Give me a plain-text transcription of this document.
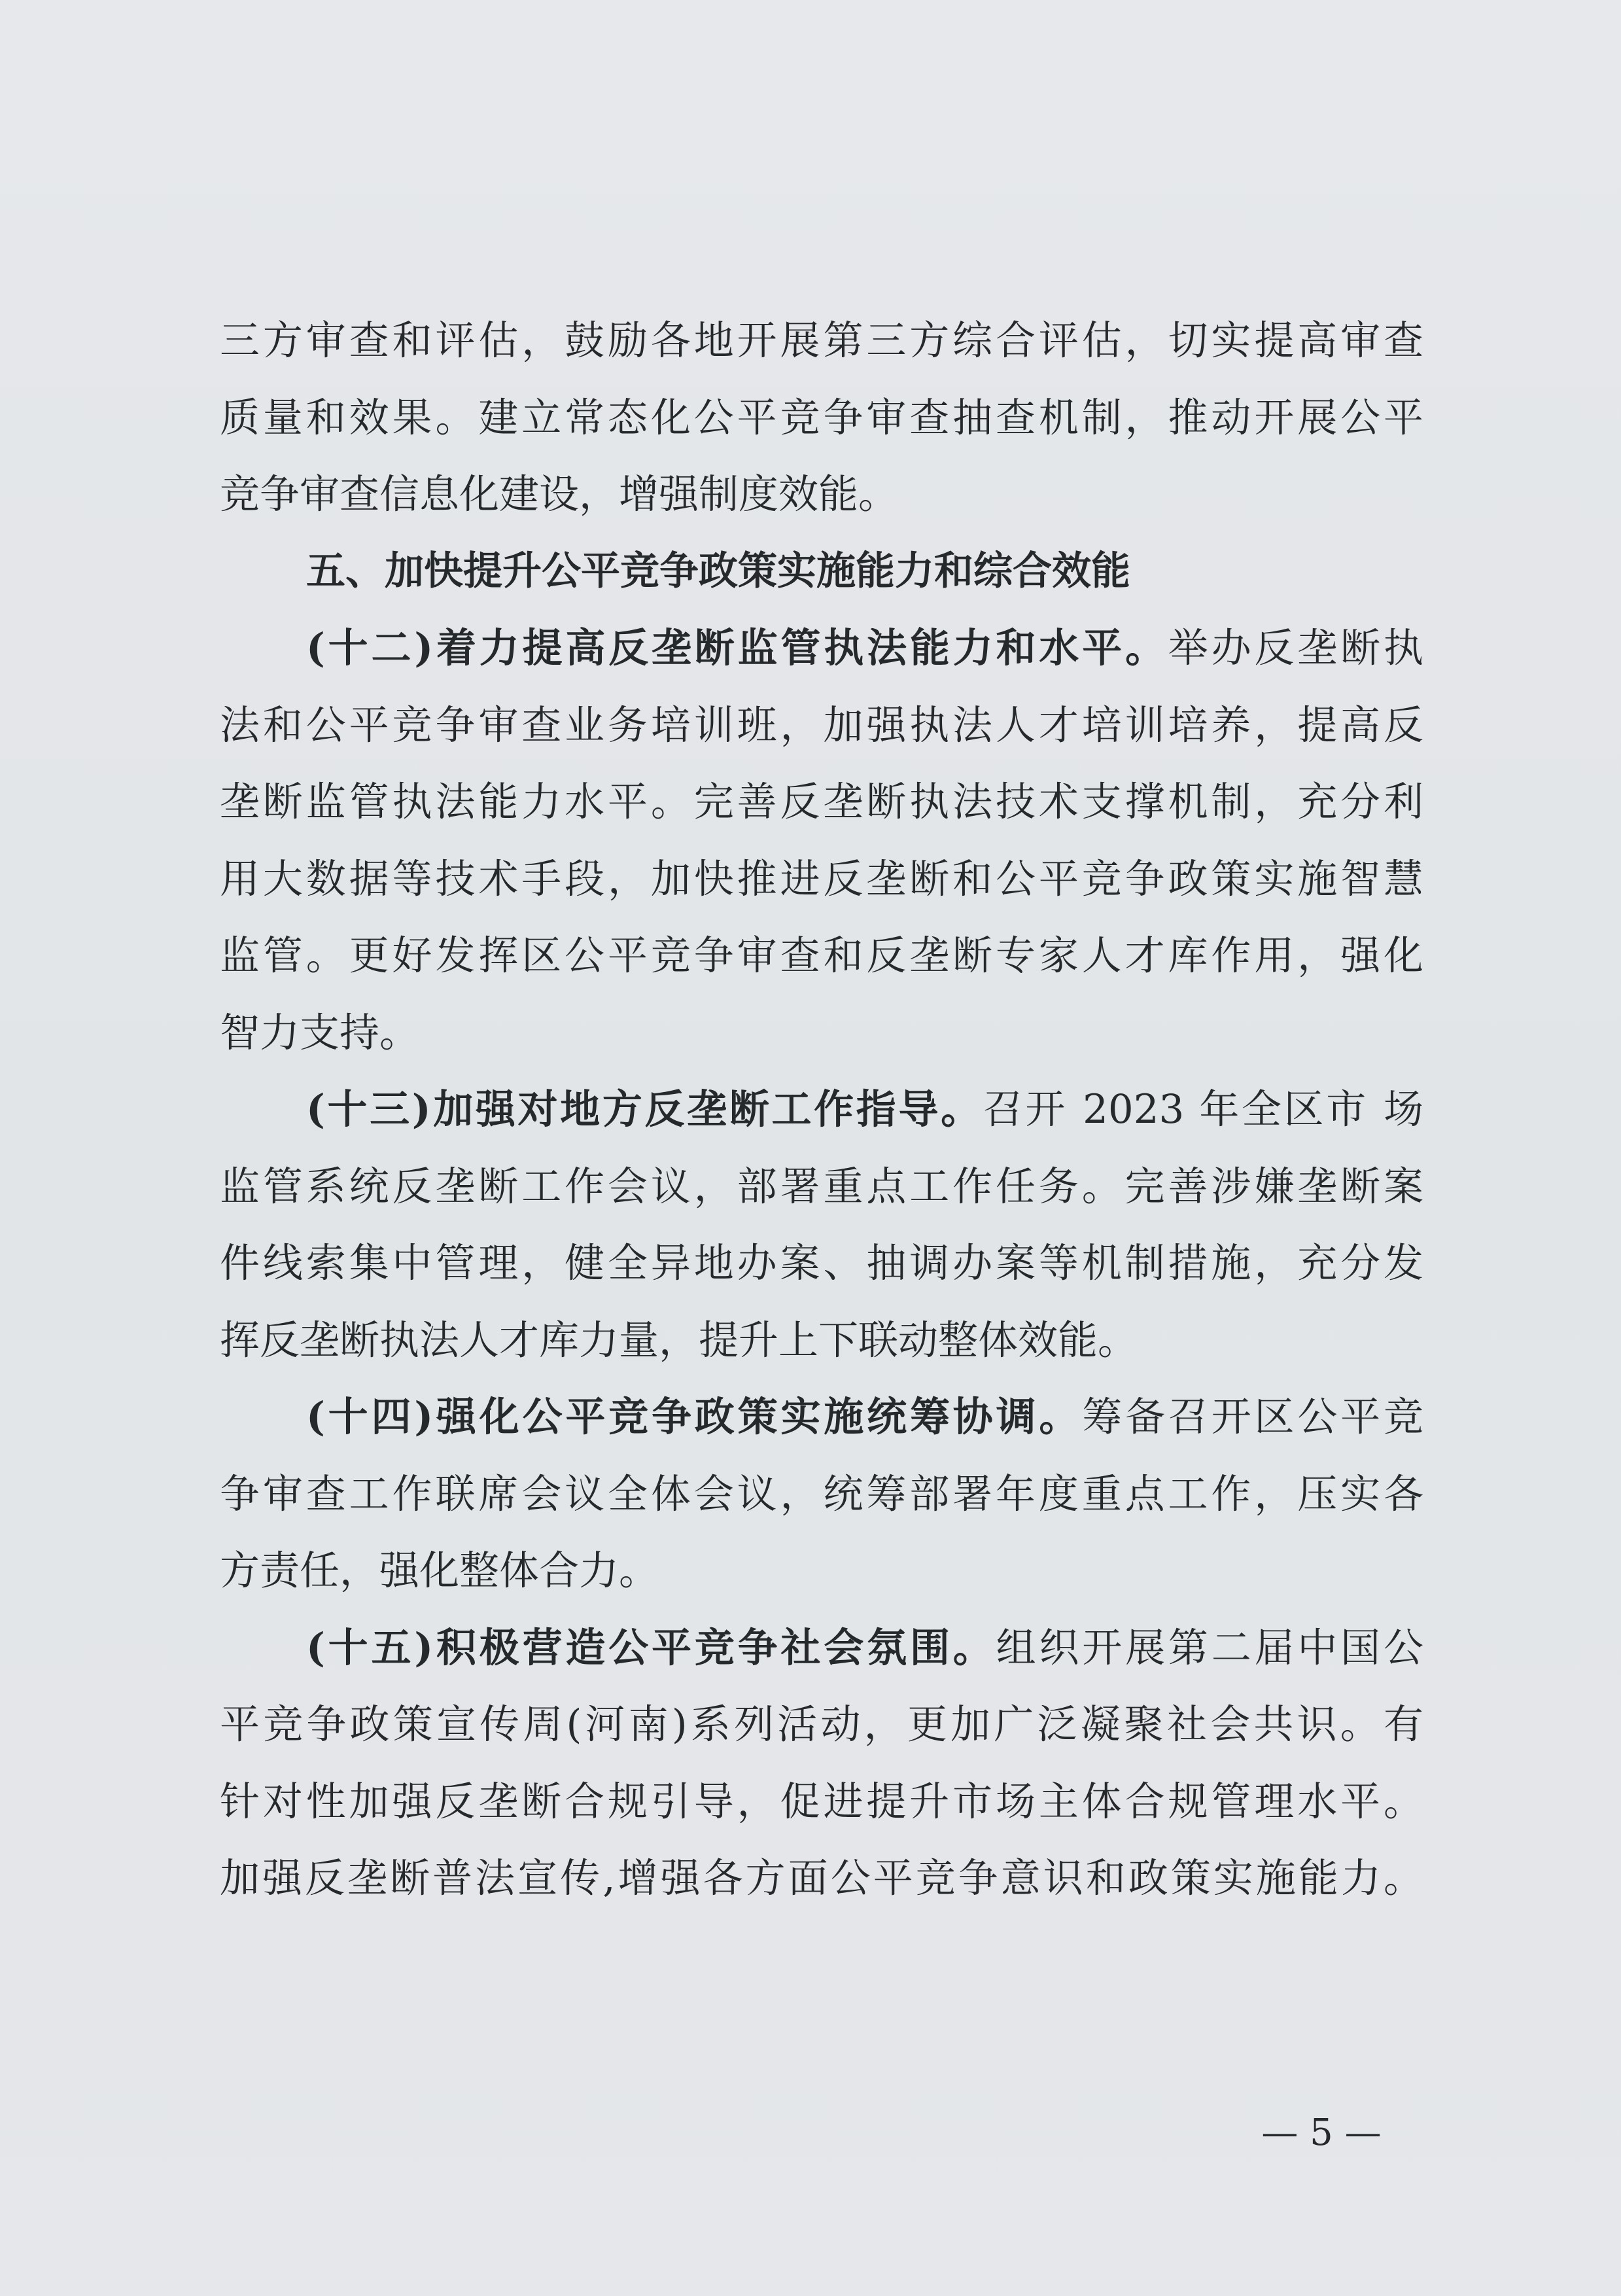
三方审查和评估，鼓励各地开展第三方综合评估，切实提高审查
质量和效果。建立常态化公平竞争审查抽查机制，推动开展公平
竞争审查信息化建设，增强制度效能。
五、加快提升公平竞争政策实施能力和综合效能
(十二)着力提高反垄断监管执法能力和水平。举办反垄断执
法和公平竞争审查业务培训班，加强执法人才培训培养，提高反
垄断监管执法能力水平。完善反垄断执法技术支撑机制，充分利
用大数据等技术手段，加快推进反垄断和公平竞争政策实施智慧
监管。更好发挥区公平竞争审查和反垄断专家人才库作用，强化
智力支持。
(十三)加强对地方反垄断工作指导。召开 2023 年全区市 场
监管系统反垄断工作会议，部署重点工作任务。完善涉嫌垄断案
件线索集中管理，健全异地办案、抽调办案等机制措施，充分发
挥反垄断执法人才库力量，提升上下联动整体效能。
(十四)强化公平竞争政策实施统筹协调。筹备召开区公平竞
争审查工作联席会议全体会议，统筹部署年度重点工作，压实各
方责任，强化整体合力。
(十五)积极营造公平竞争社会氛围。组织开展第二届中国公
平竞争政策宣传周(河南)系列活动，更加广泛凝聚社会共识。有
针对性加强反垄断合规引导，促进提升市场主体合规管理水平。
加强反垄断普法宣传,增强各方面公平竞争意识和政策实施能力。
— 5 —
